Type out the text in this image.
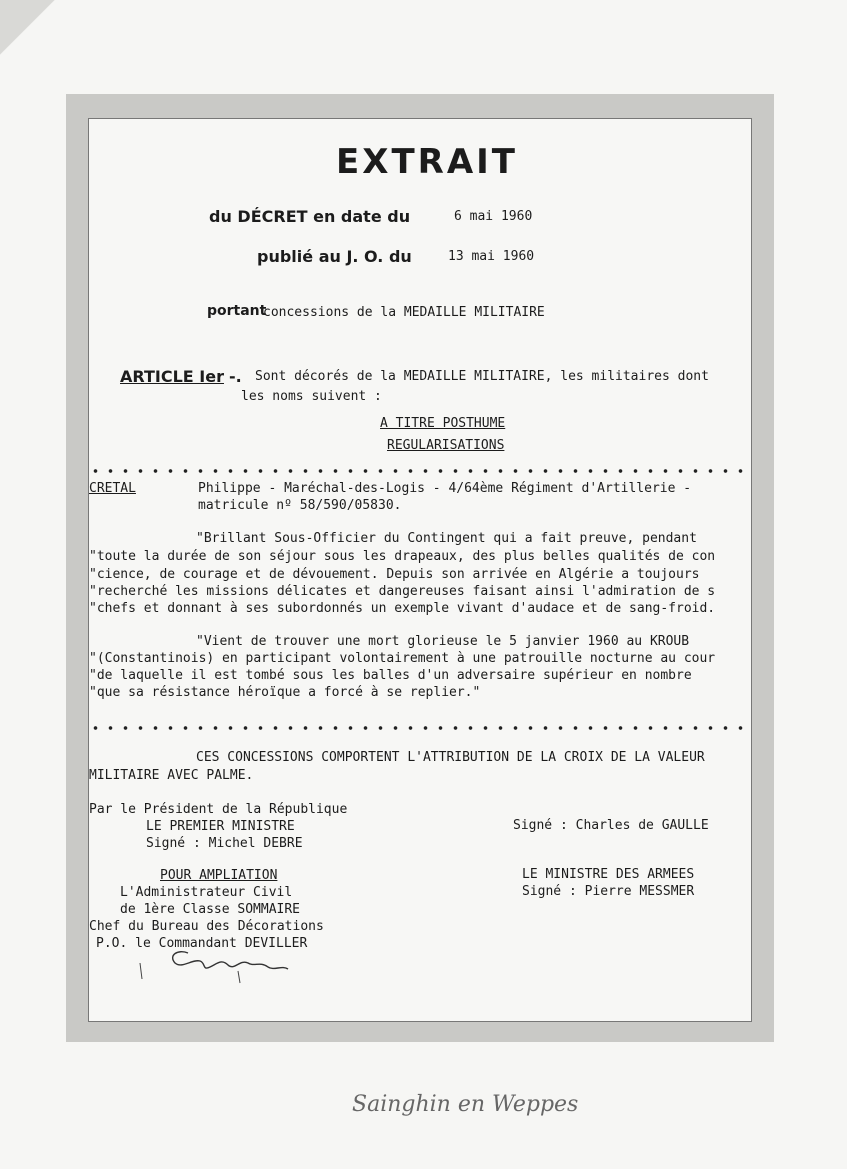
EXTRAIT
du DÉCRET en date du	6 mai 1960
publié au J. O. du	13 mai 1960
portant
concessions de la MEDAILLE MILITAIRE
ARTICLE Ier -. Sont décorés de la MEDAILLE MILITAIRE, les militaires dont
les noms suivent :
A TITRE POSTHUME
REGULARISATIONS
CRETAL	Philippe - Maréchal-des-Logis - 4/64ème Régiment d'Artillerie -
matricule nº 58/590/05830.
"Brillant Sous-Officier du Contingent qui a fait preuve, pendant
"toute la durée de son séjour sous les drapeaux, des plus belles qualités de con
"cience, de courage et de dévouement. Depuis son arrivée en Algérie a toujours
"recherché les missions délicates et dangereuses faisant ainsi l'admiration de s
"chefs et donnant à ses subordonnés un exemple vivant d'audace et de sang-froid.
"Vient de trouver une mort glorieuse le 5 janvier 1960 au KROUB
"(Constantinois) en participant volontairement à une patrouille nocturne au cour
"de laquelle il est tombé sous les balles d'un adversaire supérieur en nombre
"que sa résistance héroïque a forcé à se replier."
CES CONCESSIONS COMPORTENT L'ATTRIBUTION DE LA CROIX DE LA VALEUR
MILITAIRE AVEC PALME.
Par le Président de la République
LE PREMIER MINISTRE
Signé : Michel DEBRE
Signé : Charles de GAULLE
POUR AMPLIATION
L'Administrateur Civil
de 1ère Classe SOMMAIRE
Chef du Bureau des Décorations
P.O. le Commandant DEVILLER
LE MINISTRE DES ARMEES
Signé : Pierre MESSMER
Sainghin en Weppes
